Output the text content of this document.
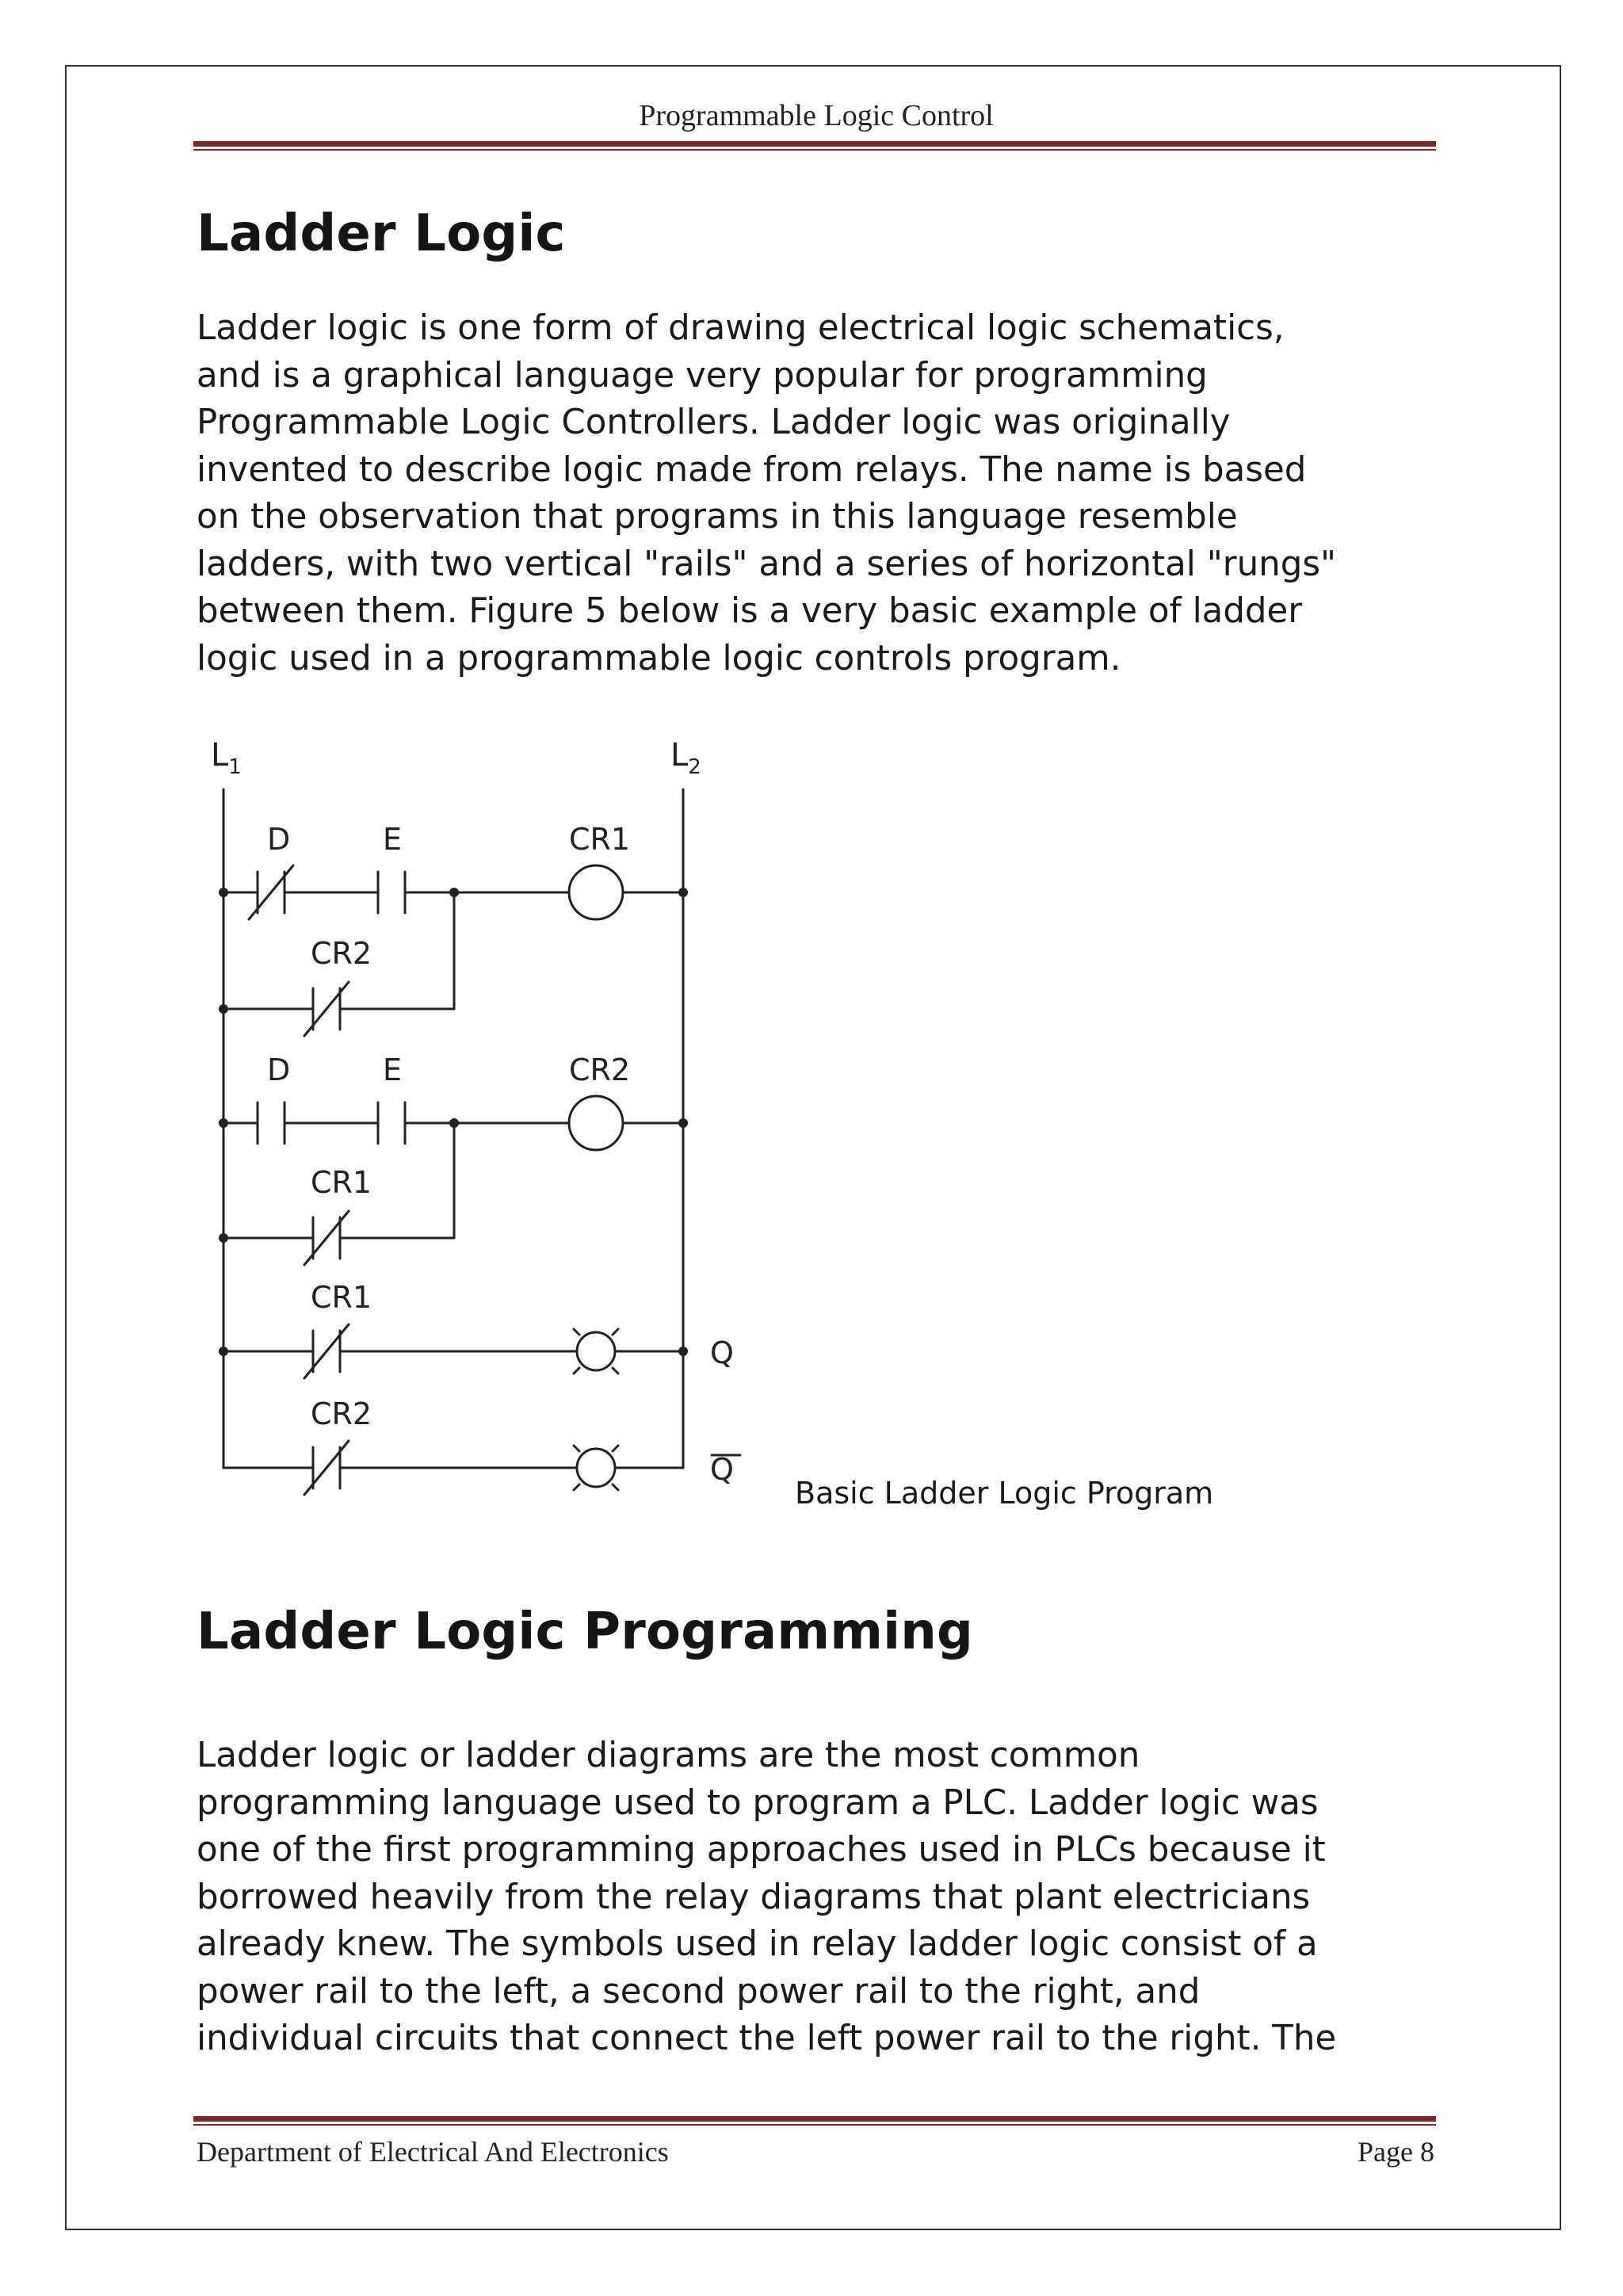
Programmable Logic Control
Ladder Logic

Ladder logic is one form of drawing electrical logic schematics,
and is a graphical language very popular for programming
Programmable Logic Controllers. Ladder logic was originally
invented to describe logic made from relays. The name is based
on the observation that programs in this language resemble
ladders, with two vertical "rails" and a series of horizontal "rungs"
between them. Figure 5 below is a very basic example of ladder
logic used in a programmable logic controls program.

$L_1$	$L_2$
D	E	CR1
CR2
D	E	CR2
CR1
CR1
Q
CR2
Q
Basic Ladder Logic Program
Ladder Logic Programming

Ladder logic or ladder diagrams are the most common
programming language used to program a PLC. Ladder logic was
one of the first programming approaches used in PLCs because it
borrowed heavily from the relay diagrams that plant electricians
already knew. The symbols used in relay ladder logic consist of a
power rail to the left, a second power rail to the right, and
individual circuits that connect the left power rail to the right. The

Department of Electrical And Electronics	Page 8
